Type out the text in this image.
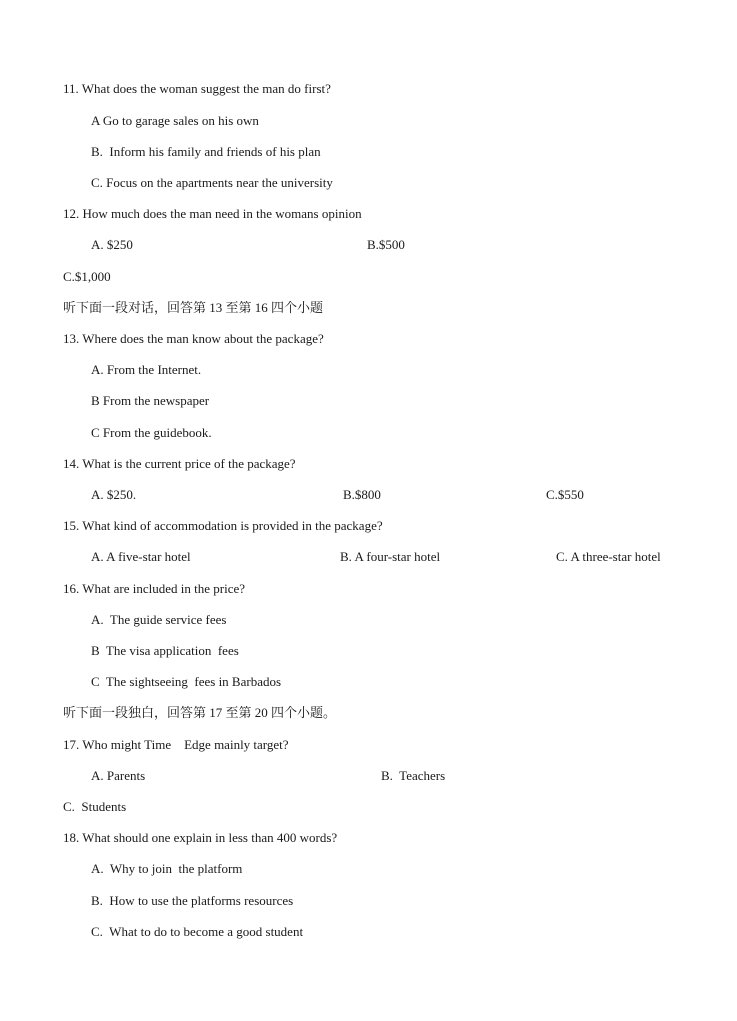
11. What does the woman suggest the man do first?
A Go to garage sales on his own
B.  Inform his family and friends of his plan
C. Focus on the apartments near the university
12. How much does the man need in the womans opinion
A. $250	B.$500
C.$1,000
听下面一段对话，回答第 13 至第 16 四个小题
13. Where does the man know about the package?
A. From the Internet.
B From the newspaper
C From the guidebook.
14. What is the current price of the package?
A. $250.	B.$800	C.$550
15. What kind of accommodation is provided in the package?
A. A five-star hotel	B. A four-star hotel	C. A three-star hotel
16. What are included in the price?
A.  The guide service fees
B  The visa application  fees
C  The sightseeing  fees in Barbados
听下面一段独白，回答第 17 至第 20 四个小题。
17. Who might Time    Edge mainly target?
A. Parents	B.  Teachers
C.  Students
18. What should one explain in less than 400 words?
A.  Why to join  the platform
B.  How to use the platforms resources
C.  What to do to become a good student
